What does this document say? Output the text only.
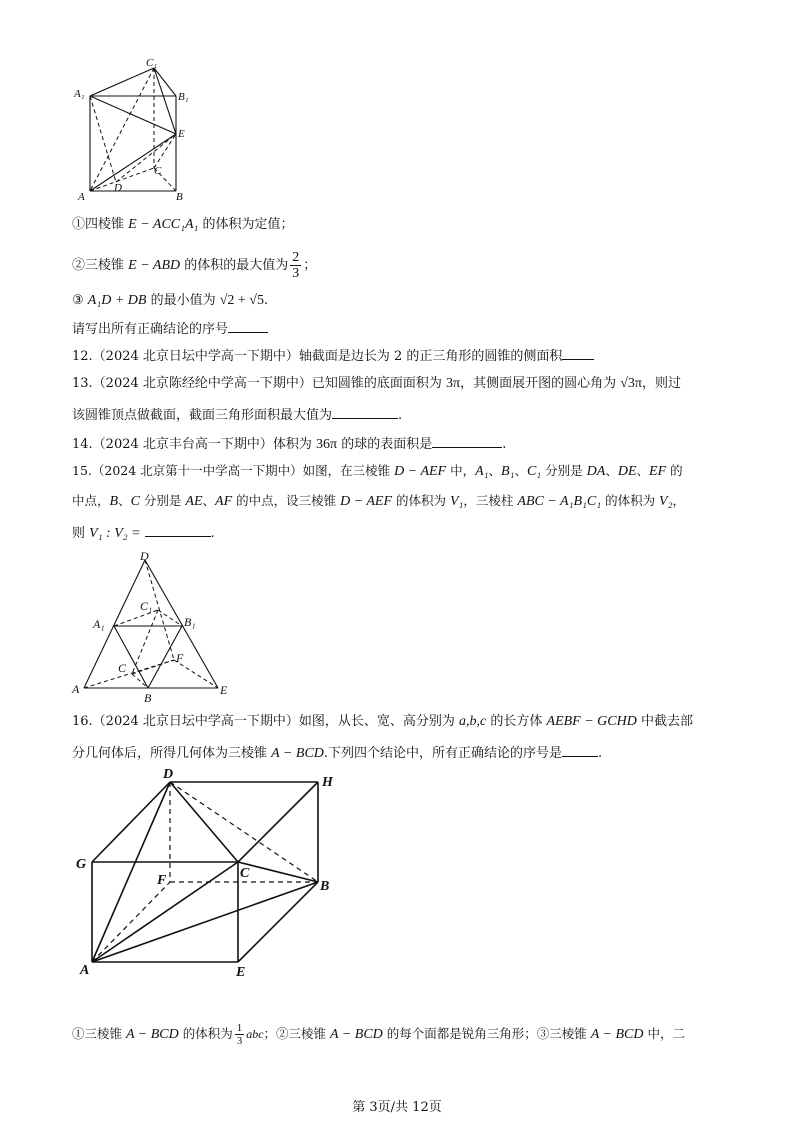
A₁
C₁
B₁
E
C
D
A	B
①四棱锥 E − ACC₁A₁ 的体积为定值；
②三棱锥 E − ABD 的体积的最大值为 $\frac{2}{3}$ ；
③ A₁D + DB 的最小值为 √2 + √5.
请写出所有正确结论的序号
12.（2024 北京日坛中学高一下期中）轴截面是边长为 2 的正三角形的圆锥的侧面积
13.（2024 北京陈经纶中学高一下期中）已知圆锥的底面面积为 3π，其侧面展开图的圆心角为 √3π，则过
该圆锥顶点做截面，截面三角形面积最大值为	.
14.（2024 北京丰台高一下期中）体积为 36π 的球的表面积是	.
15.（2024 北京第十一中学高一下期中）如图，在三棱锥 D − AEF 中，A₁、B₁、C₁ 分别是 DA、DE、EF 的
中点，B、C 分别是 AE、AF 的中点，设三棱锥 D − AEF 的体积为 V₁，三棱柱 ABC − A₁B₁C₁ 的体积为 V₂，
则 V₁ : V₂ =	.
D
C₁
A₁	B₁
F
C
A
B
E
16.（2024 北京日坛中学高一下期中）如图，从长、宽、高分别为 a,b,c 的长方体 AEBF − GCHD 中截去部
分几何体后，所得几何体为三棱锥 A − BCD.下列四个结论中，所有正确结论的序号是	.
D
H
G
F	C
B
A	E
①三棱锥 A − BCD 的体积为 $\frac{1}{3}$ abc；②三棱锥 A − BCD 的每个面都是锐角三角形；③三棱锥 A − BCD 中，二
第 3页/共 12页
